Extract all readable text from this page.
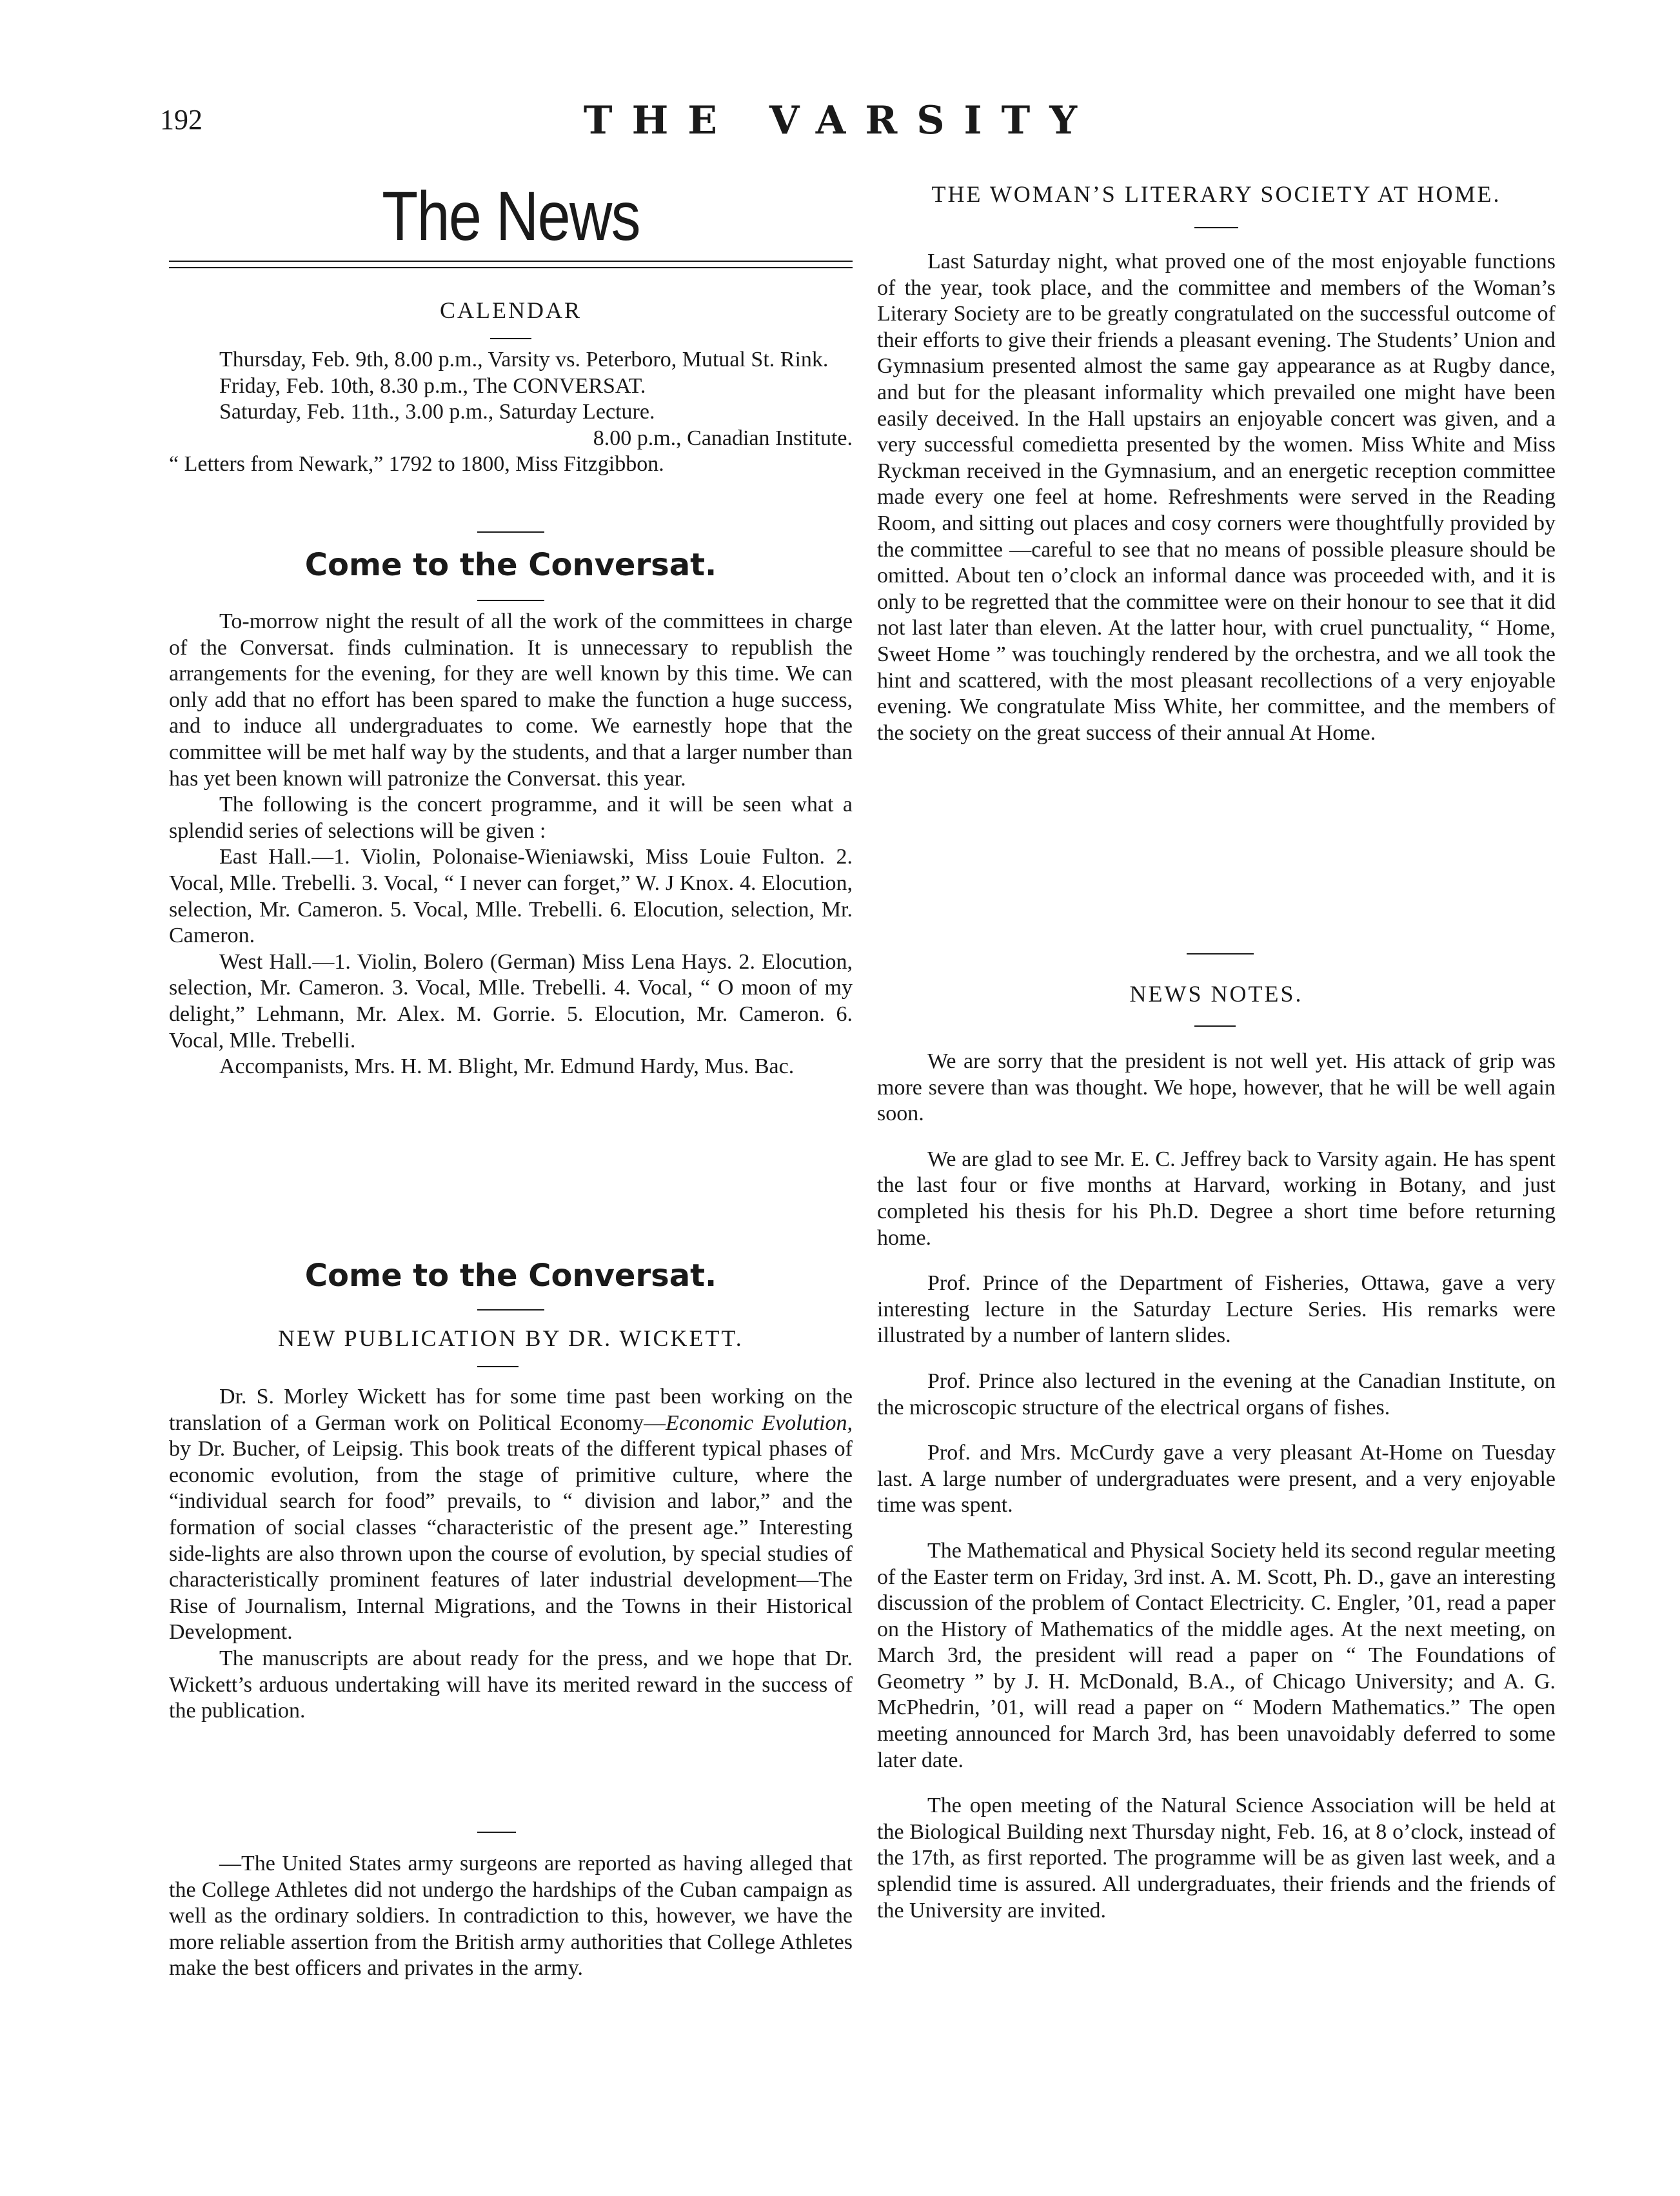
192	THE VARSITY
The News
CALENDAR

Thursday, Feb. 9th, 8.00 p.m., Varsity vs. Peterboro, Mutual St. Rink.

Friday, Feb. 10th, 8.30 p.m., The CONVERSAT.

Saturday, Feb. 11th., 3.00 p.m., Saturday Lecture.

8.00 p.m., Canadian Institute.

“ Letters from Newark,” 1792 to 1800, Miss Fitzgibbon.

Come to the Conversat.

To-morrow night the result of all the work of the committees in charge of the Conversat. finds culmination. It is unnecessary to republish the arrangements for the evening, for they are well known by this time. We can only add that no effort has been spared to make the function a huge success, and to induce all undergraduates to come. We earnestly hope that the committee will be met half way by the students, and that a larger number than has yet been known will patronize the Conversat. this year.

The following is the concert programme, and it will be seen what a splendid series of selections will be given :

East Hall.—1. Violin, Polonaise-Wieniawski, Miss Louie Fulton. 2. Vocal, Mlle. Trebelli. 3. Vocal, “ I never can forget,” W. J Knox. 4. Elocution, selection, Mr. Cameron. 5. Vocal, Mlle. Trebelli. 6. Elocution, selection, Mr. Cameron.

West Hall.—1. Violin, Bolero (German) Miss Lena Hays. 2. Elocution, selection, Mr. Cameron. 3. Vocal, Mlle. Trebelli. 4. Vocal, “ O moon of my delight,” Lehmann, Mr. Alex. M. Gorrie. 5. Elocution, Mr. Cameron. 6. Vocal, Mlle. Trebelli.

Accompanists, Mrs. H. M. Blight, Mr. Edmund Hardy, Mus. Bac.

Come to the Conversat.
NEW PUBLICATION BY DR. WICKETT.

Dr. S. Morley Wickett has for some time past been working on the translation of a German work on Political Economy—Economic Evolution, by Dr. Bucher, of Leipsig. This book treats of the different typical phases of economic evolution, from the stage of primitive culture, where the “individual search for food” prevails, to “ division and labor,” and the formation of social classes “characteristic of the present age.” Interesting side-lights are also thrown upon the course of evolution, by special studies of characteristically prominent features of later industrial development—The Rise of Journalism, Internal Migrations, and the Towns in their Historical Development.

The manuscripts are about ready for the press, and we hope that Dr. Wickett’s arduous undertaking will have its merited reward in the success of the publication.

—The United States army surgeons are reported as having alleged that the College Athletes did not undergo the hardships of the Cuban campaign as well as the ordinary soldiers. In contradiction to this, however, we have the more reliable assertion from the British army authorities that College Athletes make the best officers and privates in the army.

THE WOMAN’S LITERARY SOCIETY AT HOME.

Last Saturday night, what proved one of the most enjoyable functions of the year, took place, and the committee and members of the Woman’s Literary Society are to be greatly congratulated on the successful outcome of their efforts to give their friends a pleasant evening. The Students’ Union and Gymnasium presented almost the same gay appearance as at Rugby dance, and but for the pleasant informality which prevailed one might have been easily deceived. In the Hall upstairs an enjoyable concert was given, and a very successful comedietta presented by the women. Miss White and Miss Ryckman received in the Gymnasium, and an energetic reception committee made every one feel at home. Refreshments were served in the Reading Room, and sitting out places and cosy corners were thoughtfully provided by the committee —careful to see that no means of possible pleasure should be omitted. About ten o’clock an informal dance was proceeded with, and it is only to be regretted that the committee were on their honour to see that it did not last later than eleven. At the latter hour, with cruel punctuality, “ Home, Sweet Home ” was touchingly rendered by the orchestra, and we all took the hint and scattered, with the most pleasant recollections of a very enjoyable evening. We congratulate Miss White, her committee, and the members of the society on the great success of their annual At Home.

NEWS NOTES.

We are sorry that the president is not well yet. His attack of grip was more severe than was thought. We hope, however, that he will be well again soon.

We are glad to see Mr. E. C. Jeffrey back to Varsity again. He has spent the last four or five months at Harvard, working in Botany, and just completed his thesis for his Ph.D. Degree a short time before returning home.

Prof. Prince of the Department of Fisheries, Ottawa, gave a very interesting lecture in the Saturday Lecture Series. His remarks were illustrated by a number of lantern slides.

Prof. Prince also lectured in the evening at the Canadian Institute, on the microscopic structure of the electrical organs of fishes.

Prof. and Mrs. McCurdy gave a very pleasant At-Home on Tuesday last. A large number of undergraduates were present, and a very enjoyable time was spent.

The Mathematical and Physical Society held its second regular meeting of the Easter term on Friday, 3rd inst. A. M. Scott, Ph. D., gave an interesting discussion of the problem of Contact Electricity. C. Engler, ’01, read a paper on the History of Mathematics of the middle ages. At the next meeting, on March 3rd, the president will read a paper on “ The Foundations of Geometry ” by J. H. McDonald, B.A., of Chicago University; and A. G. McPhedrin, ’01, will read a paper on “ Modern Mathematics.” The open meeting announced for March 3rd, has been unavoidably deferred to some later date.

The open meeting of the Natural Science Association will be held at the Biological Building next Thursday night, Feb. 16, at 8 o’clock, instead of the 17th, as first reported. The programme will be as given last week, and a splendid time is assured. All undergraduates, their friends and the friends of the University are invited.
